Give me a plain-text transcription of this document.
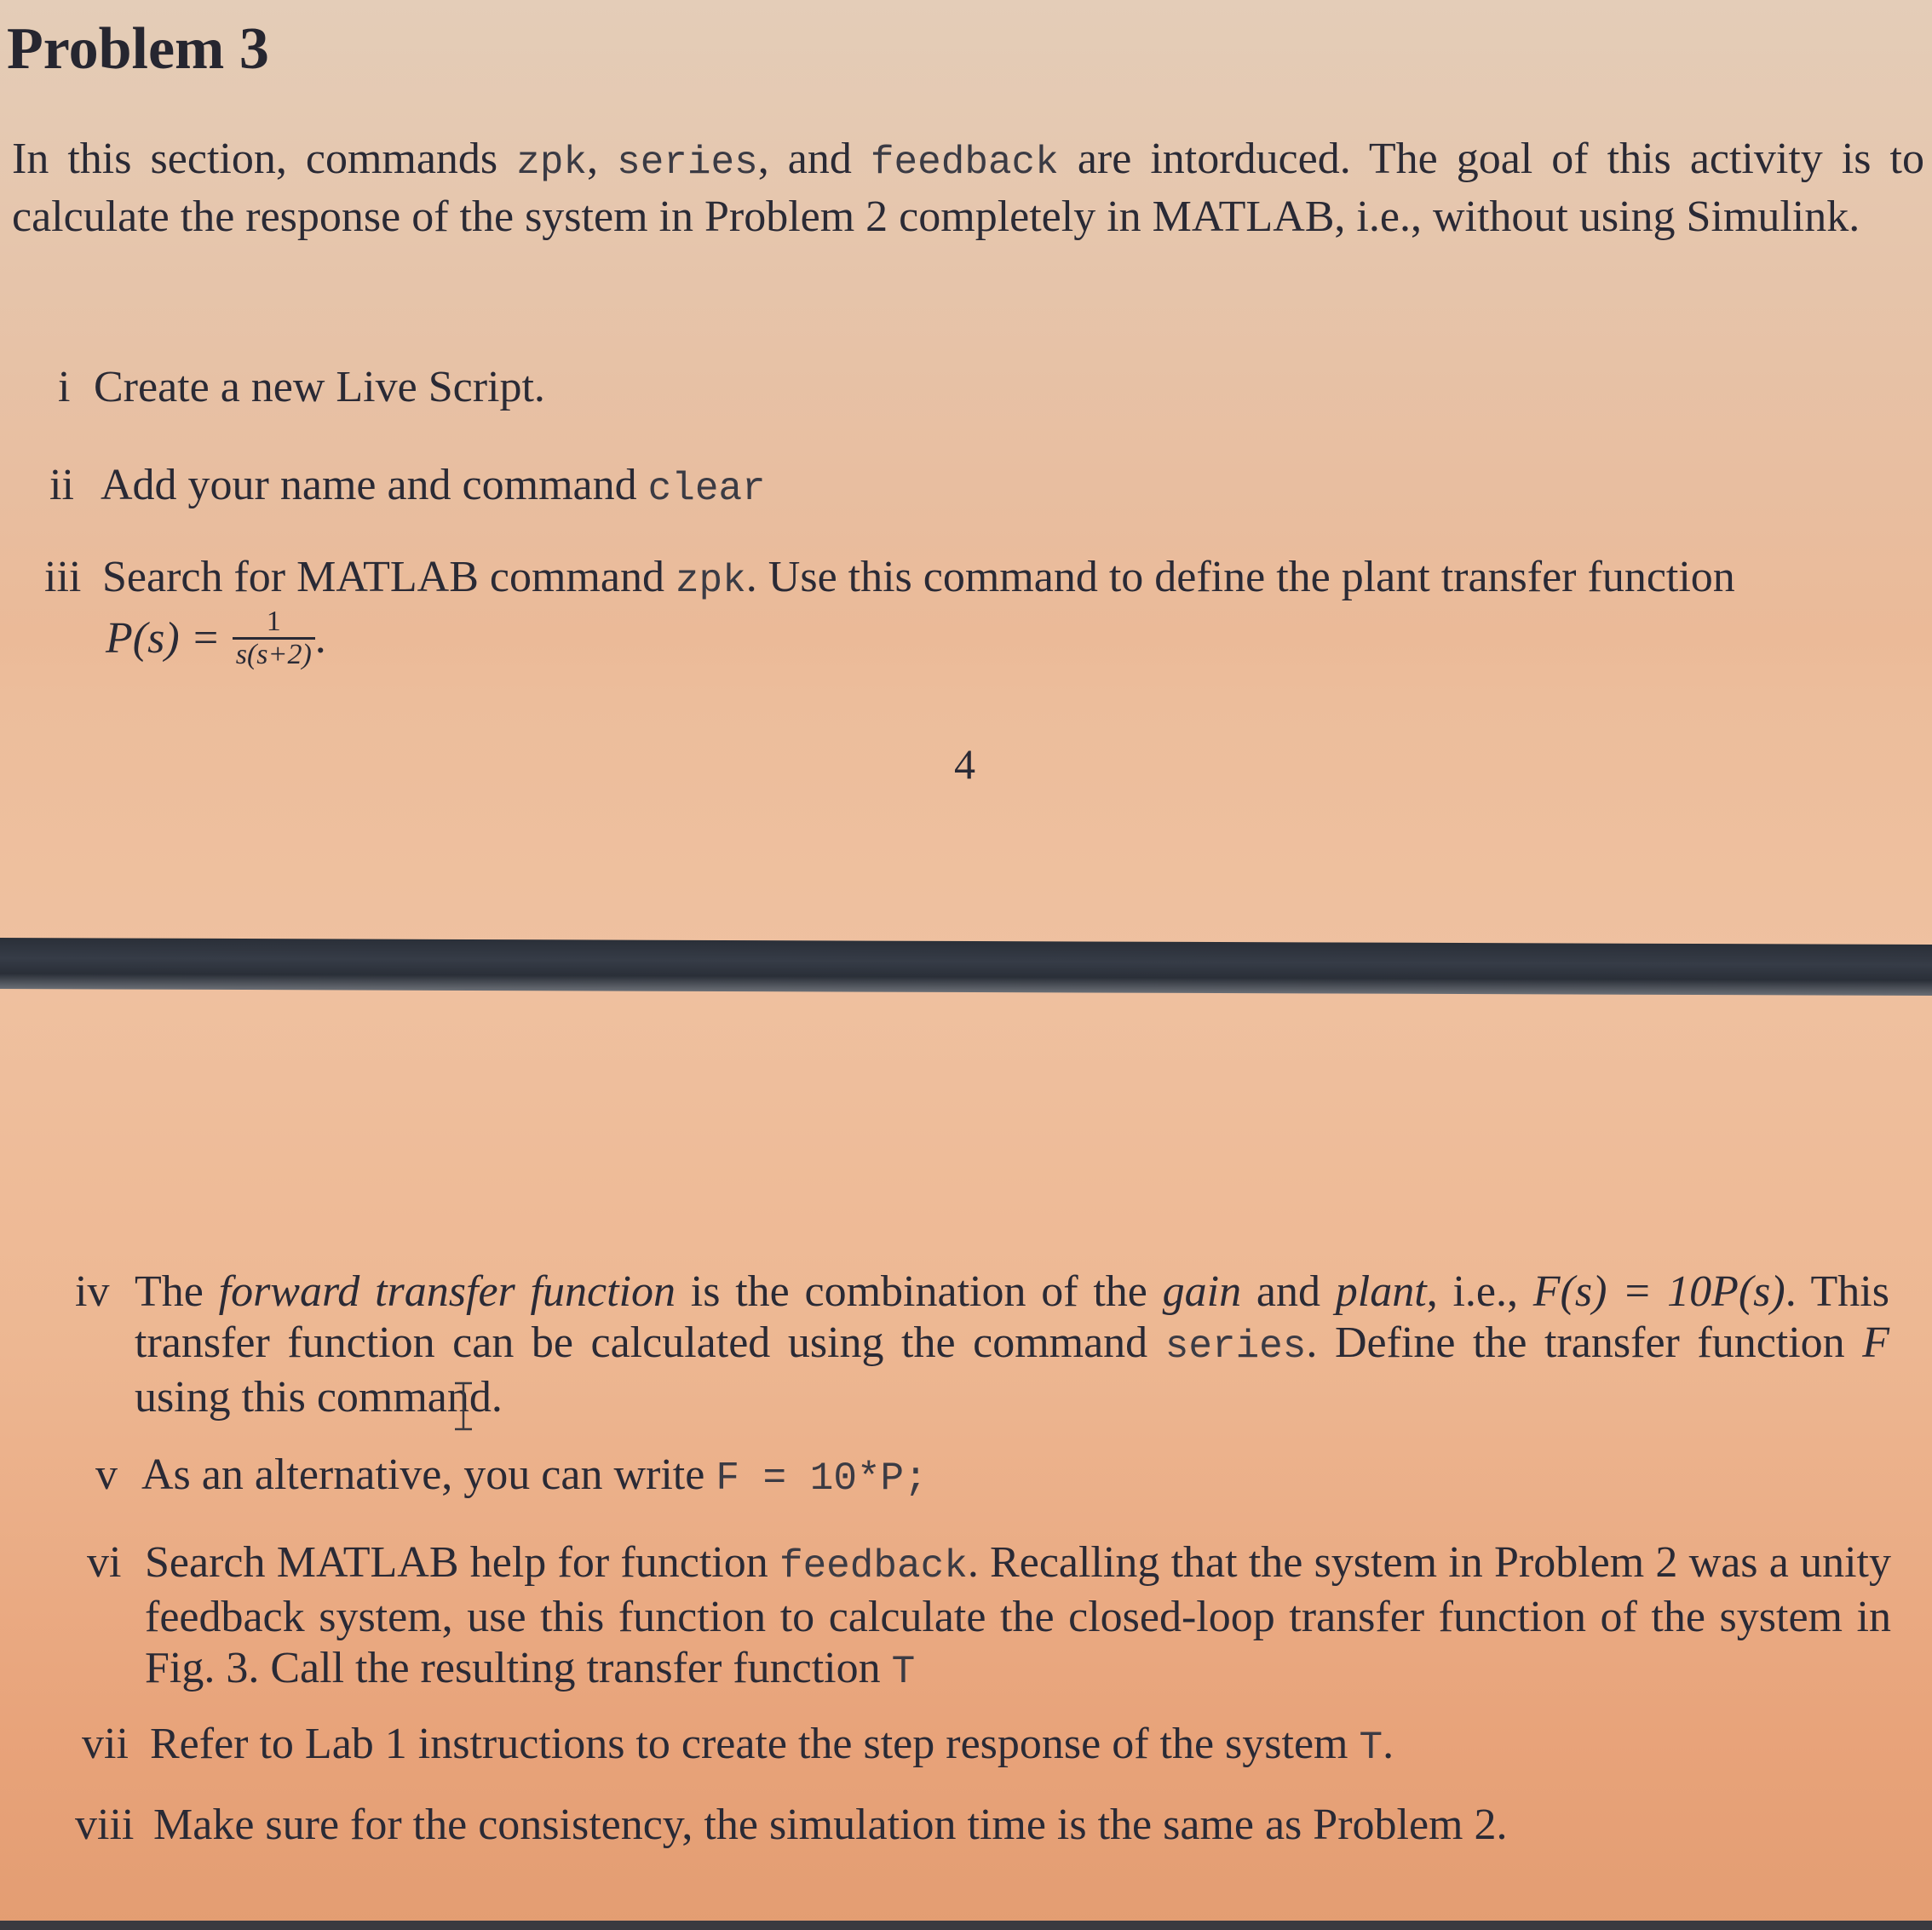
Problem 3
In this section, commands zpk, series, and feedback are intorduced. The goal of this activity is to calculate the response of the system in Problem 2 completely in MATLAB, i.e., without using Simulink.
i Create a new Live Script.
ii Add your name and command clear
iii Search for MATLAB command zpk. Use this command to define the plant transfer function
$P(s) = \frac{1}{s(s+2)}$ .
4
iv The forward transfer function is the combination of the gain and plant, i.e., F(s) = 10P(s). This transfer function can be calculated using the command series. Define the transfer function F using this command.
v As an alternative, you can write F = 10*P;
vi Search MATLAB help for function feedback. Recalling that the system in Problem 2 was a unity feedback system, use this function to calculate the closed-loop transfer function of the system in Fig. 3. Call the resulting transfer function T
vii Refer to Lab 1 instructions to create the step response of the system T.
viii Make sure for the consistency, the simulation time is the same as Problem 2.
